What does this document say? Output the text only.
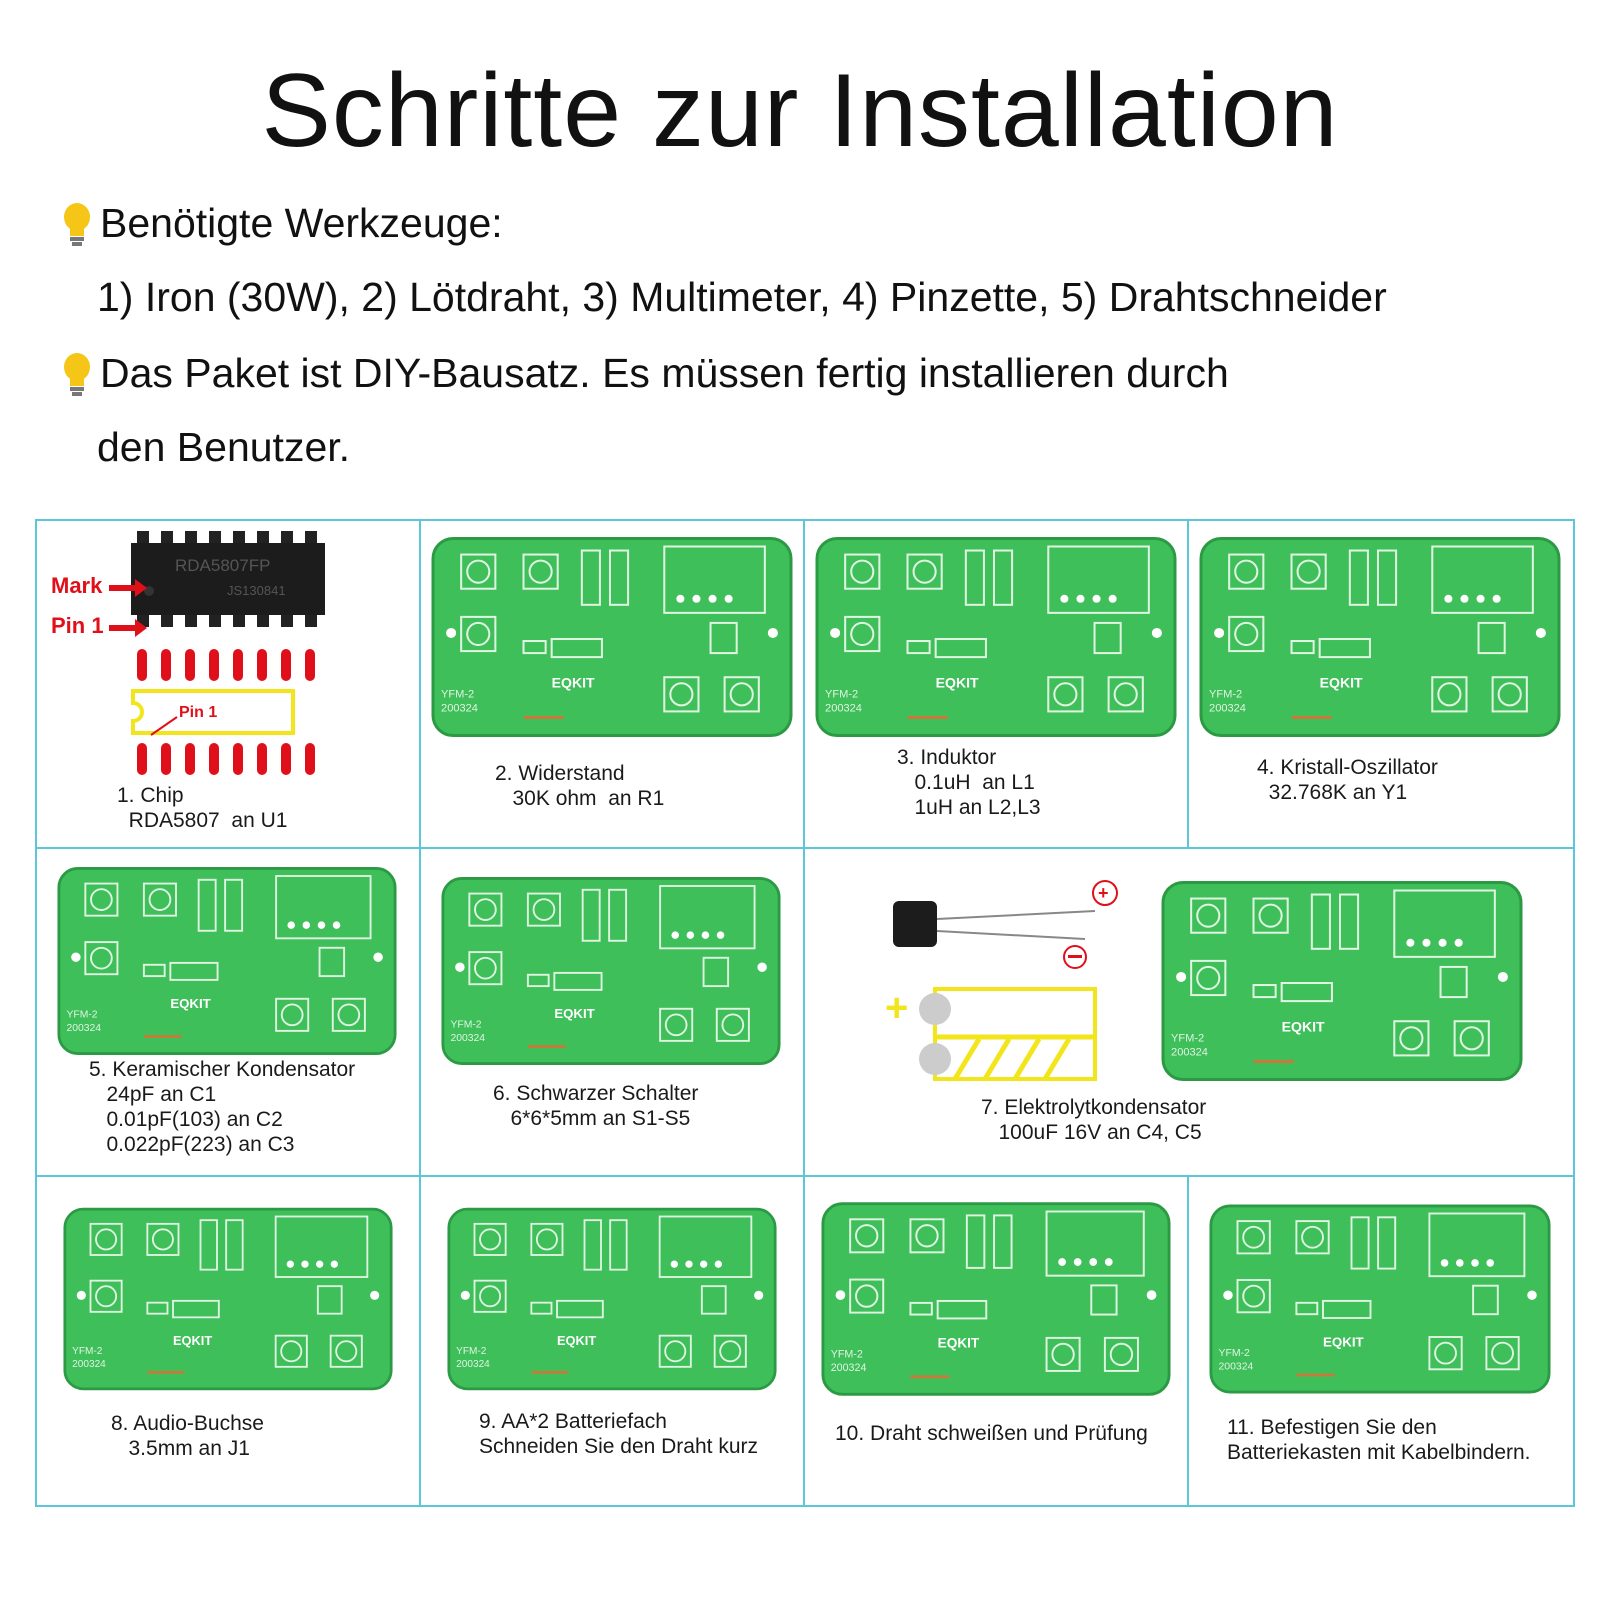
Schritte zur Installation
Benötigte Werkzeuge:
1) Iron (30W), 2) Lötdraht, 3) Multimeter, 4) Pinzette, 5) Drahtschneider
Das Paket ist DIY-Bausatz. Es müssen fertig installieren durch
den Benutzer.
RDA5807FP
JS130841
Mark
Pin 1
Pin 1
1. Chip
RDA5807  an U1
2. Widerstand
30K ohm  an R1
3. Induktor
0.1uH  an L1
1uH an L2,L3
4. Kristall-Oszillator
32.768K an Y1
5. Keramischer Kondensator
24pF an C1
0.01pF(103) an C2
0.022pF(223) an C3
6. Schwarzer Schalter
6*6*5mm an S1-S5
+
+
7. Elektrolytkondensator
100uF 16V an C4, C5
8. Audio-Buchse
3.5mm an J1
9. AA*2 Batteriefach
Schneiden Sie den Draht kurz
10. Draht schweißen und Prüfung	11. Befestigen Sie den
Batteriekasten mit Kabelbindern.
